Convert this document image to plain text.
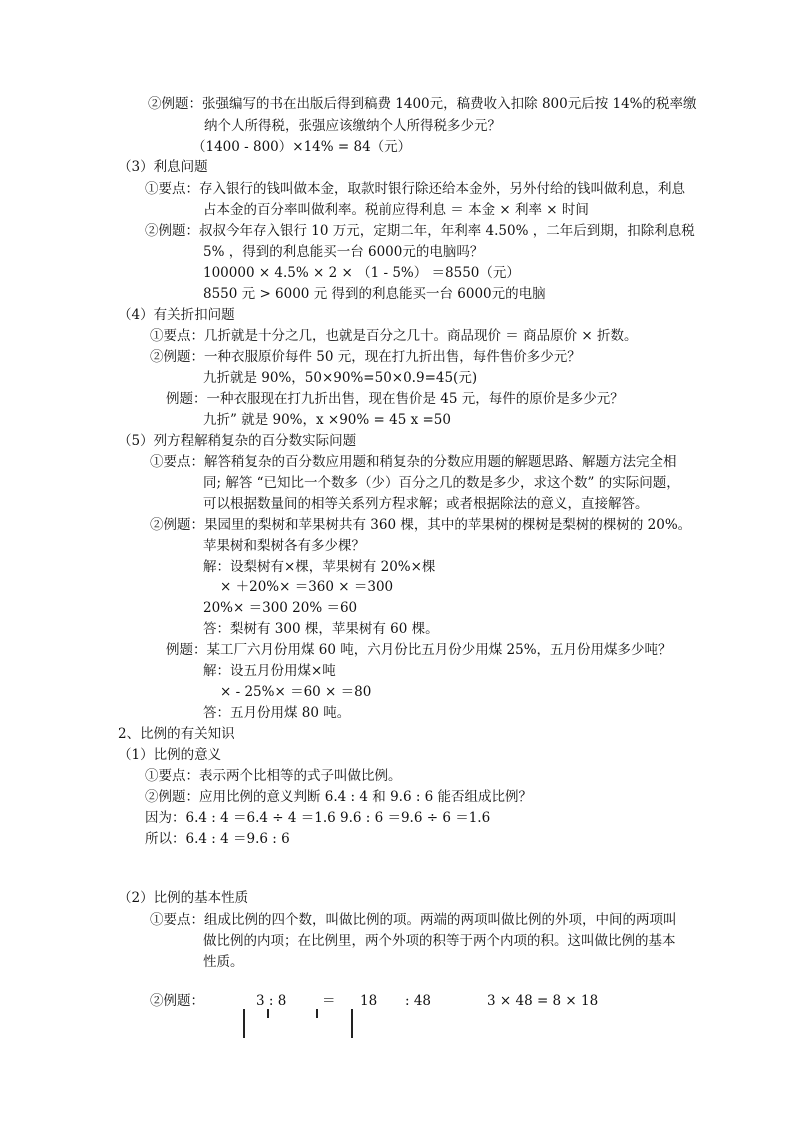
②例题：张强编写的书在出版后得到稿费 1400元，稿费收入扣除 800元后按 14%的税率缴
纳个人所得税，张强应该缴纳个人所得税多少元？
（1400 - 800）×14% = 84（元）
（3）利息问题
①要点：存入银行的钱叫做本金，取款时银行除还给本金外，另外付给的钱叫做利息，利息
占本金的百分率叫做利率。税前应得利息 ＝ 本金 × 利率 × 时间
②例题：叔叔今年存入银行 10 万元，定期二年，年利率 4.50% ，二年后到期，扣除利息税
5% ，得到的利息能买一台 6000元的电脑吗？
100000 × 4.5% × 2 × （1 - 5%） ＝8550（元）
8550 元 > 6000 元 得到的利息能买一台 6000元的电脑
（4）有关折扣问题
①要点：几折就是十分之几，也就是百分之几十。商品现价 ＝ 商品原价 × 折数。
②例题：一种衣服原价每件 50 元，现在打九折出售，每件售价多少元？
九折就是 90%，50×90%=50×0.9=45(元)
例题：一种衣服现在打九折出售，现在售价是 45 元，每件的原价是多少元？
九折” 就是 90%，x ×90% = 45 x =50
（5）列方程解稍复杂的百分数实际问题
①要点：解答稍复杂的百分数应用题和稍复杂的分数应用题的解题思路、解题方法完全相
同; 解答 “已知比一个数多（少）百分之几的数是多少，求这个数” 的实际问题，
可以根据数量间的相等关系列方程求解；或者根据除法的意义，直接解答。
②例题：果园里的梨树和苹果树共有 360 棵，其中的苹果树的棵树是梨树的棵树的 20%。
苹果树和梨树各有多少棵？
解：设梨树有×棵，苹果树有 20%×棵
× ＋20%× ＝360 × ＝300
20%× ＝300 20% ＝60
答：梨树有 300 棵，苹果树有 60 棵。
例题：某工厂六月份用煤 60 吨，六月份比五月份少用煤 25%，五月份用煤多少吨？
解：设五月份用煤×吨
× - 25%× ＝60 × ＝80
答：五月份用煤 80 吨。
2、比例的有关知识
（1）比例的意义
①要点：表示两个比相等的式子叫做比例。
②例题：应用比例的意义判断 6.4 : 4 和 9.6 : 6 能否组成比例？
因为：6.4 : 4 ＝6.4 ÷ 4 ＝1.6 9.6 : 6 ＝9.6 ÷ 6 ＝1.6
所以：6.4 : 4 ＝9.6 : 6
（2）比例的基本性质
①要点：组成比例的四个数，叫做比例的项。两端的两项叫做比例的外项，中间的两项叫
做比例的内项；在比例里，两个外项的积等于两个内项的积。这叫做比例的基本
性质。
②例题：	3 : 8	＝ 18 : 48	3 × 48 = 8 × 18
